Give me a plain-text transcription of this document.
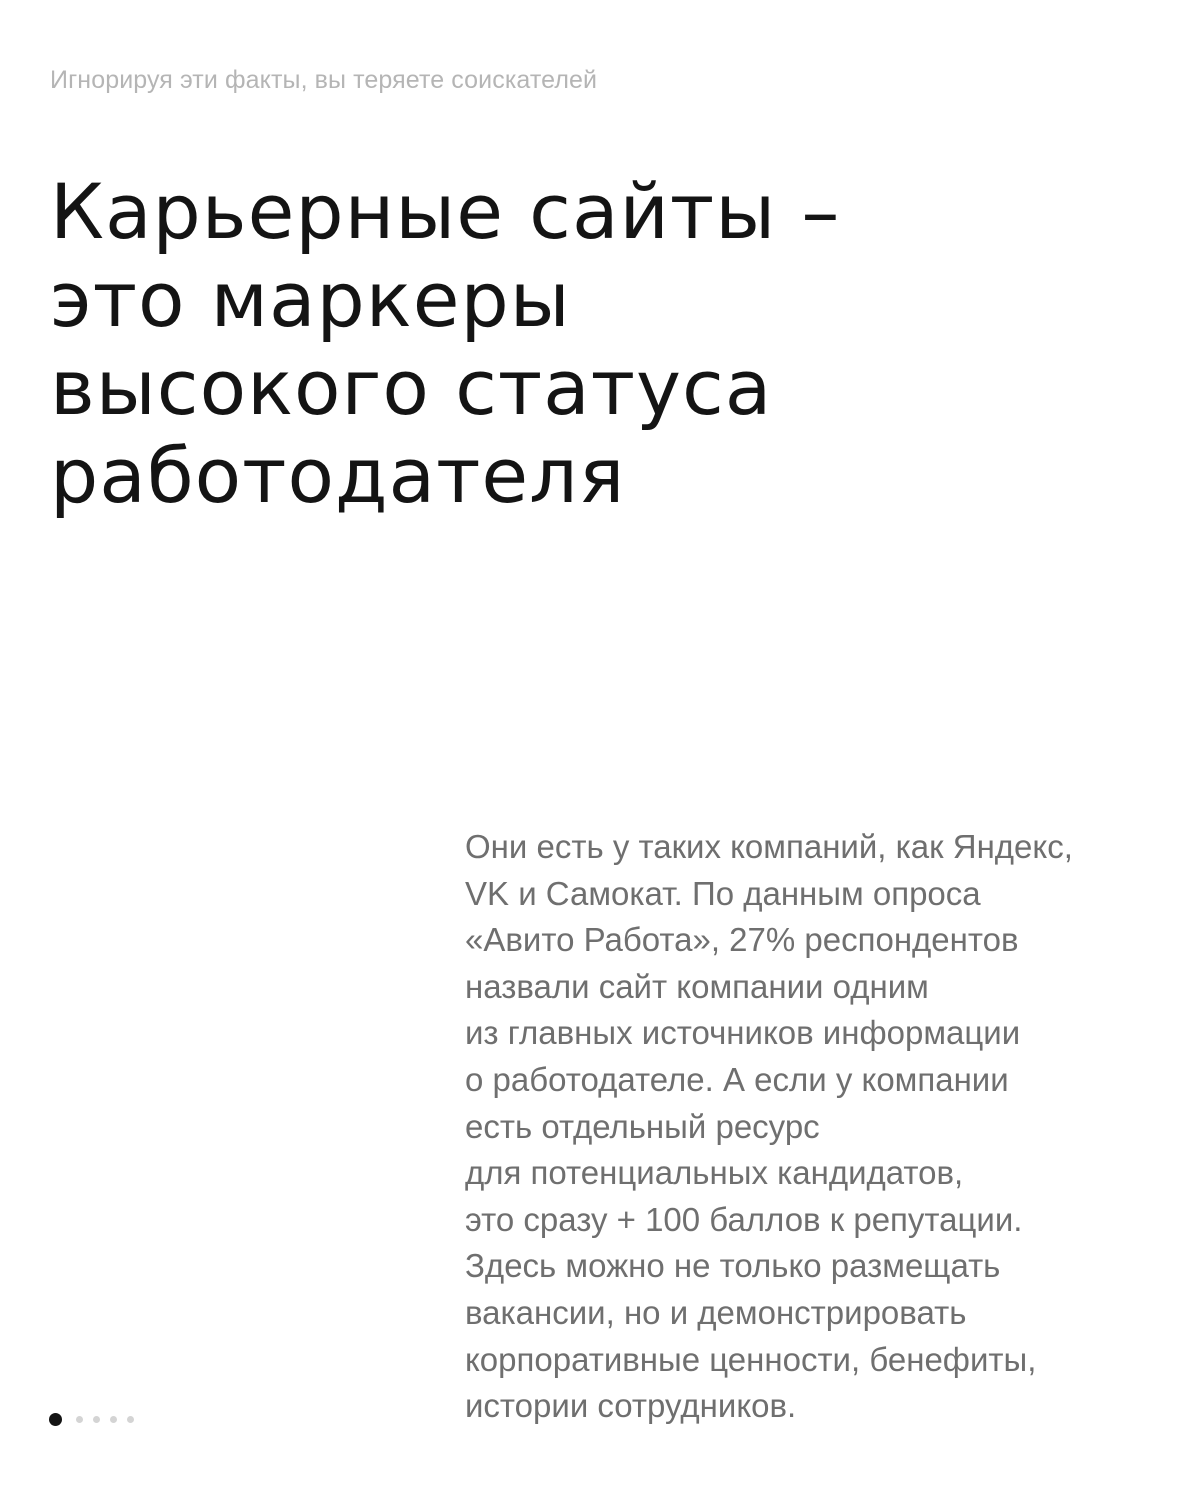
Игнорируя эти факты, вы теряете соискателей
Карьерные сайты –
это маркеры
высокого статуса
работодателя
Они есть у таких компаний, как Яндекс,
VK и Самокат. По данным опроса
«Авито Работа», 27% респондентов
назвали сайт компании одним
из главных источников информации
о работодателе. А если у компании
есть отдельный ресурс
для потенциальных кандидатов,
это сразу + 100 баллов к репутации.
Здесь можно не только размещать
вакансии, но и демонстрировать
корпоративные ценности, бенефиты,
истории сотрудников.
